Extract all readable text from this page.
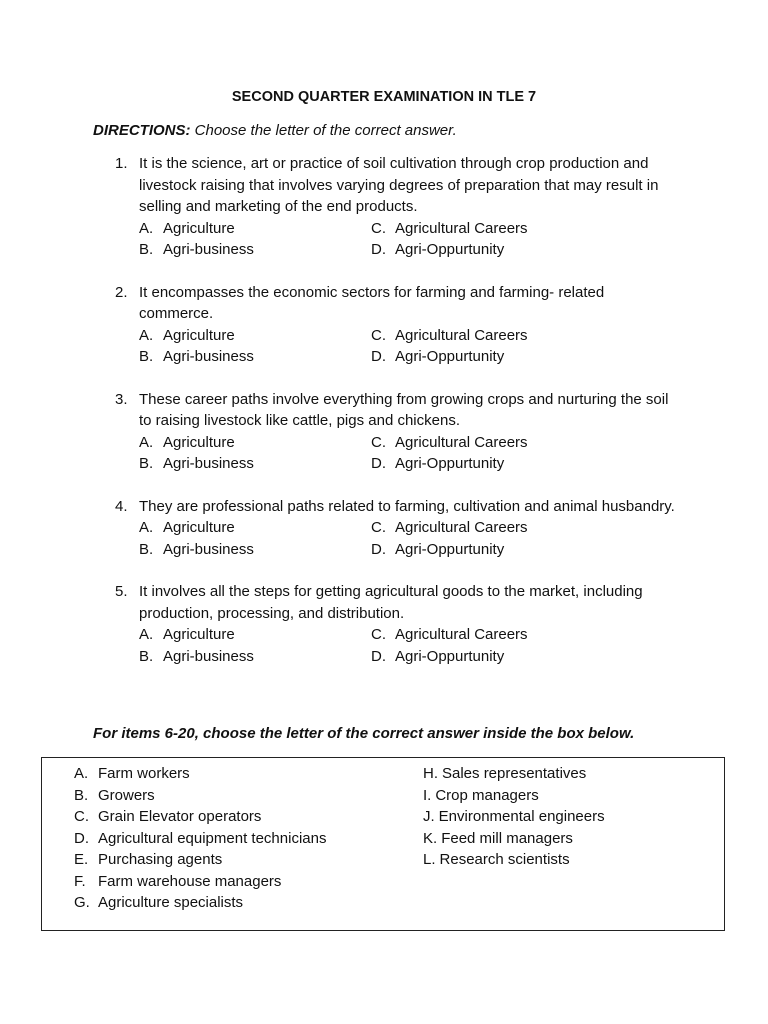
SECOND QUARTER EXAMINATION IN TLE 7
DIRECTIONS: Choose the letter of the correct answer.
1. It is the science, art or practice of soil cultivation through crop production and livestock raising that involves varying degrees of preparation that may result in selling and marketing of the end products.
A. Agriculture	C. Agricultural Careers
B. Agri-business	D. Agri-Oppurtunity
2. It encompasses the economic sectors for farming and farming- related commerce.
A. Agriculture	C. Agricultural Careers
B. Agri-business	D. Agri-Oppurtunity
3. These career paths involve everything from growing crops and nurturing the soil to raising livestock like cattle, pigs and chickens.
A. Agriculture	C. Agricultural Careers
B. Agri-business	D. Agri-Oppurtunity
4. They are professional paths related to farming, cultivation and animal husbandry.
A. Agriculture	C. Agricultural Careers
B. Agri-business	D. Agri-Oppurtunity
5. It involves all the steps for getting agricultural goods to the market, including production, processing, and distribution.
A. Agriculture	C. Agricultural Careers
B. Agri-business	D. Agri-Oppurtunity
For items 6-20, choose the letter of the correct answer inside the box below.
A. Farm workers
B. Growers
C. Grain Elevator operators
D. Agricultural equipment technicians
E. Purchasing agents
F. Farm warehouse managers
G. Agriculture specialists
H. Sales representatives
I. Crop managers
J. Environmental engineers
K. Feed mill managers
L. Research scientists
